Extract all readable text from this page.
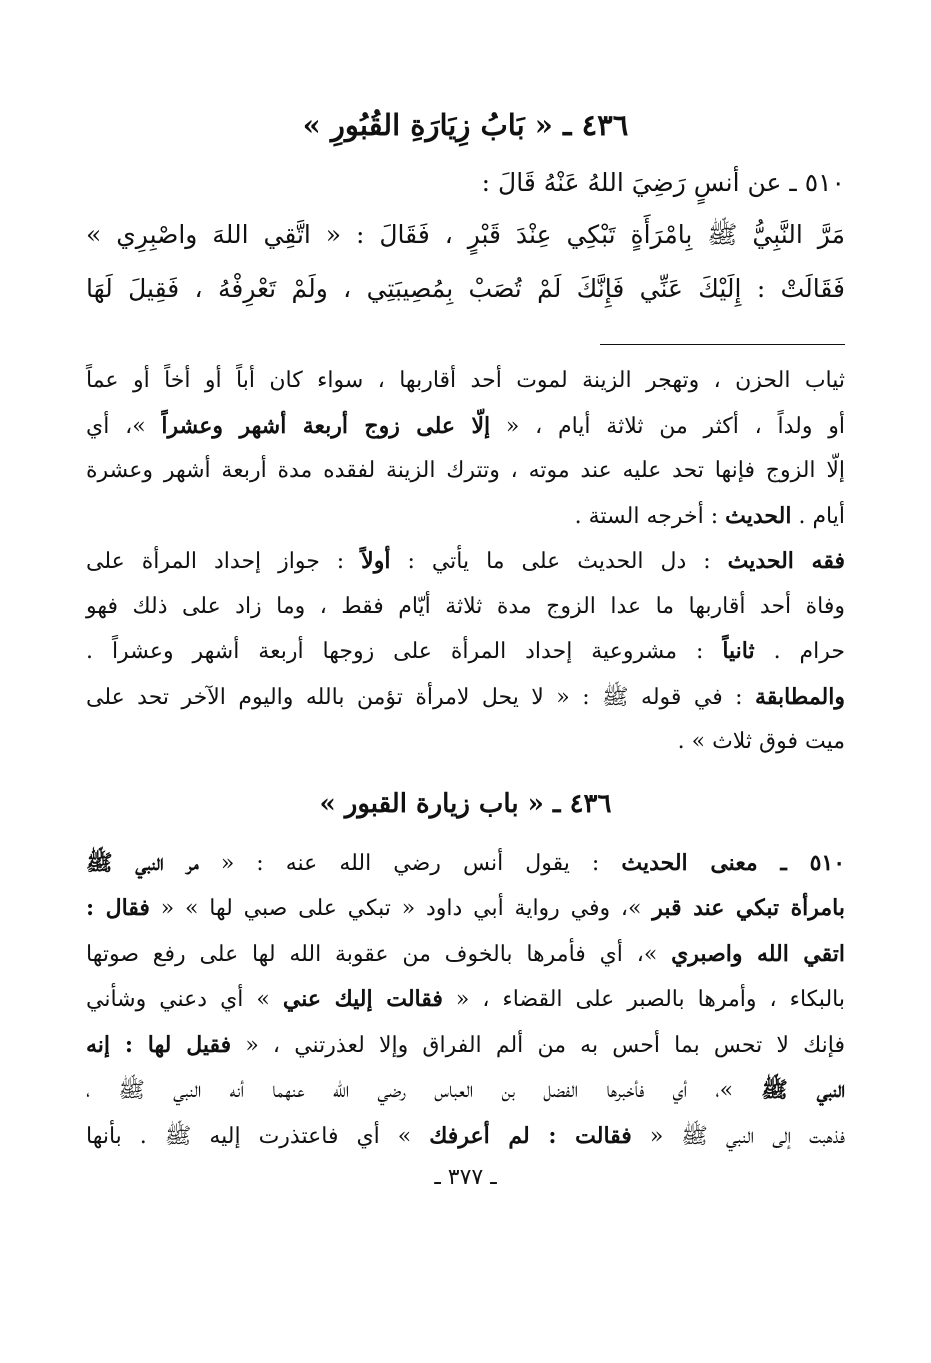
٤٣٦ ـ « بَابُ زِيَارَةِ القُبُورِ »
٥١٠ ـ عن أنسٍ رَضِيَ اللهُ عَنْهُ قَالَ :
مَرَّ النَّبِيُّ ﷺ بِامْرَأَةٍ تَبْكِي عِنْدَ قَبْرٍ ، فَقَالَ : « اتَّقِي اللهَ واصْبِرِي »
فَقَالَتْ : إِلَيْكَ عَنِّي فَإِنَّكَ لَمْ تُصَبْ بِمُصِيبَتِي ، ولَمْ تَعْرِفْهُ ، فَقِيلَ لَهَا
ثياب الحزن ، وتهجر الزينة لموت أحد أقاربها ، سواء كان أباً أو أخاً أو عماً
أو ولداً ، أكثر من ثلاثة أيام ، « إلّا على زوج أربعة أشهر وعشراً »، أي
إلّا الزوج فإنها تحد عليه عند موته ، وتترك الزينة لفقده مدة أربعة أشهر وعشرة
أيام . الحديث : أخرجه الستة .
فقه الحديث : دل الحديث على ما يأتي : أولاً : جواز إحداد المرأة على
وفاة أحد أقاربها ما عدا الزوج مدة ثلاثة أيّام فقط ، وما زاد على ذلك فهو
حرام . ثانياً : مشروعية إحداد المرأة على زوجها أربعة أشهر وعشراً .
والمطابقة : في قوله ﷺ : « لا يحل لامرأة تؤمن بالله واليوم الآخر تحد على
ميت فوق ثلاث » .
٤٣٦ ـ « باب زيارة القبور »
٥١٠ ـ معنى الحديث : يقول أنس رضي الله عنه : « مر النبي ﷺ
بامرأة تبكي عند قبر »، وفي رواية أبي داود « تبكي على صبي لها » « فقال :
اتقي الله واصبري »، أي فأمرها بالخوف من عقوبة الله لها على رفع صوتها
بالبكاء ، وأمرها بالصبر على القضاء ، « فقالت إليك عني » أي دعني وشأني
فإنك لا تحس بما أحس به من ألم الفراق وإلا لعذرتني ، « فقيل لها : إنه
النبي ﷺ »، أي فأخبرها الفضل بن العباس رضي الله عنهما أنه النبي ﷺ ،
فذهبت إلى النبي ﷺ « فقالت : لم أعرفك » أي فاعتذرت إليه ﷺ . بأنها
ـ ٣٧٧ ـ
